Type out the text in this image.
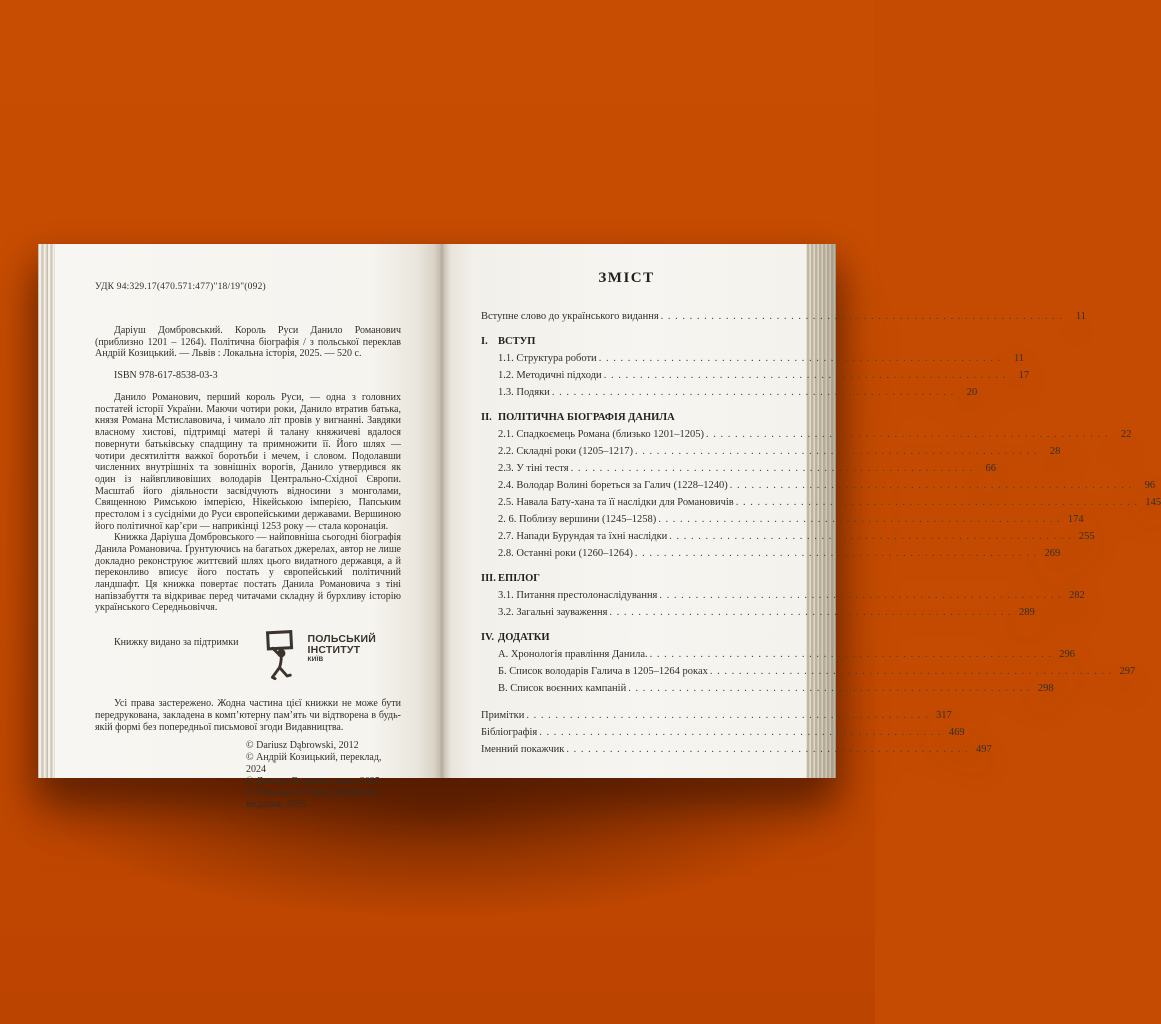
УДК 94:329.17(470.571:477)"18/19"(092)

Даріуш Домбровський. Король Руси Данило Романович (приблизно 1201 – 1264). Політична біографія / з польської переклав Андрій Козицький. — Львів : Локальна історія, 2025. — 520 с.

ISBN 978-617-8538-03-3

Данило Романович, перший король Руси, — одна з головних постатей історії України. Маючи чотири роки, Данило втратив батька, князя Романа Мстиславовича, і чимало літ провів у вигнанні. Завдяки власному хистові, підтримці матері й талану княжичеві вдалося повернути батьківську спадщину та примножити її. Його шлях — чотири десятиліття важкої боротьби і мечем, і словом. Подолавши численних внутрішніх та зовнішніх ворогів, Данило утвердився як один із найвпливовіших володарів Центрально-Східної Європи. Масштаб його діяльности засвідчують відносини з монголами, Священною Римською імперією, Нікейською імперією, Папським престолом і з сусідніми до Руси європейськими державами. Вершиною його політичної кар’єри — наприкінці 1253 року — стала коронація.

Книжка Даріуша Домбровського — найповніша сьогодні біографія Данила Романовича. Ґрунтуючись на багатьох джерелах, автор не лише докладно реконструює життєвий шлях цього видатного державця, а й переконливо вписує його постать у європейський політичний ландшафт. Ця книжка повертає постать Данила Романовича з тіні напівзабуття та відкриває перед читачами складну й бурхливу історію українського Середньовіччя.

Книжку видано за підтримки	ПОЛЬСЬКИЙ
ІНСТИТУТ
КИЇВ

Усі права застережено. Жодна частина цієї книжки не може бути передрукована, закладена в комп’ютерну пам’ять чи відтворена в будь-якій формі без попередньої письмової згоди Видавництва.

© Dariusz Dąbrowski, 2012
© Андрій Козицький, переклад, 2024
© Дмитро Вортман, мапи, 2025
© Локальна історія, українське видання, 2025
ЗМІСТ
Вступне слово до українського видання . . .	11
I. ВСТУП
1.1. Структура роботи . . .	11
1.2. Методичні підходи . . .	17
1.3. Подяки . . .	20
II. ПОЛІТИЧНА БІОГРАФІЯ ДАНИЛА
2.1. Спадкоємець Романа (близько 1201–1205) . . .	22
2.2. Складні роки (1205–1217) . . .	28
2.3. У тіні тестя . . .	66
2.4. Володар Волині бореться за Галич (1228–1240) . . .	96
2.5. Навала Бату-хана та її наслідки для Романовичів . . .	145
2. 6. Поблизу вершини (1245–1258) . . .	174
2.7. Напади Бурундая та їхні наслідки . . .	255
2.8. Останні роки (1260–1264) . . .	269
III. ЕПІЛОГ
3.1. Питання престолонаслідування . . .	282
3.2. Загальні зауваження . . .	289
IV. ДОДАТКИ
А. Хронологія правління Данила. . . .	296
Б. Список володарів Галича в 1205–1264 роках . . .	297
В. Список воєнних кампаній . . .	298
Примітки . . .	317
Бібліографія . . .	469
Іменний покажчик . . .	497
